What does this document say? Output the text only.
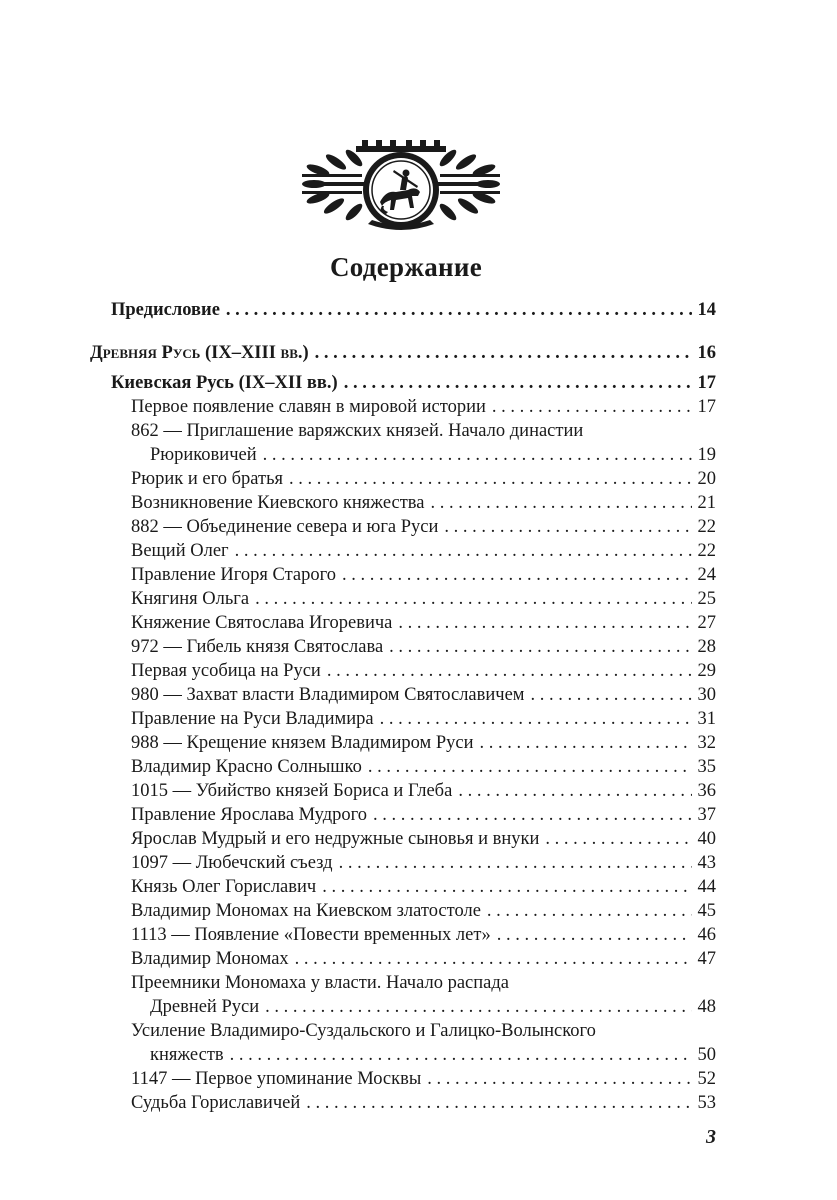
Содержание
Предисловие . . .	14
Древняя Русь (IX–XIII вв.) . . .	16
Киевская Русь (IX–XII вв.) . . .	17
Первое появление славян в мировой истории . . .	17
862 — Приглашение варяжских князей. Начало династии
Рюриковичей . . .	19
Рюрик и его братья . . .	20
Возникновение Киевского княжества . . .	21
882 — Объединение севера и юга Руси . . .	22
Вещий Олег . . .	22
Правление Игоря Старого . . .	24
Княгиня Ольга . . .	25
Княжение Святослава Игоревича . . .	27
972 — Гибель князя Святослава . . .	28
Первая усобица на Руси . . .	29
980 — Захват власти Владимиром Святославичем . . .	30
Правление на Руси Владимира . . .	31
988 — Крещение князем Владимиром Руси . . .	32
Владимир Красно Солнышко . . .	35
1015 — Убийство князей Бориса и Глеба . . .	36
Правление Ярослава Мудрого . . .	37
Ярослав Мудрый и его недружные сыновья и внуки . . .	40
1097 — Любечский съезд . . .	43
Князь Олег Гориславич . . .	44
Владимир Мономах на Киевском златостоле . . .	45
1113 — Появление «Повести временных лет» . . .	46
Владимир Мономах . . .	47
Преемники Мономаха у власти. Начало распада
Древней Руси . . .	48
Усиление Владимиро-Суздальского и Галицко-Волынского
княжеств . . .	50
1147 — Первое упоминание Москвы . . .	52
Судьба Гориславичей . . .	53
3
